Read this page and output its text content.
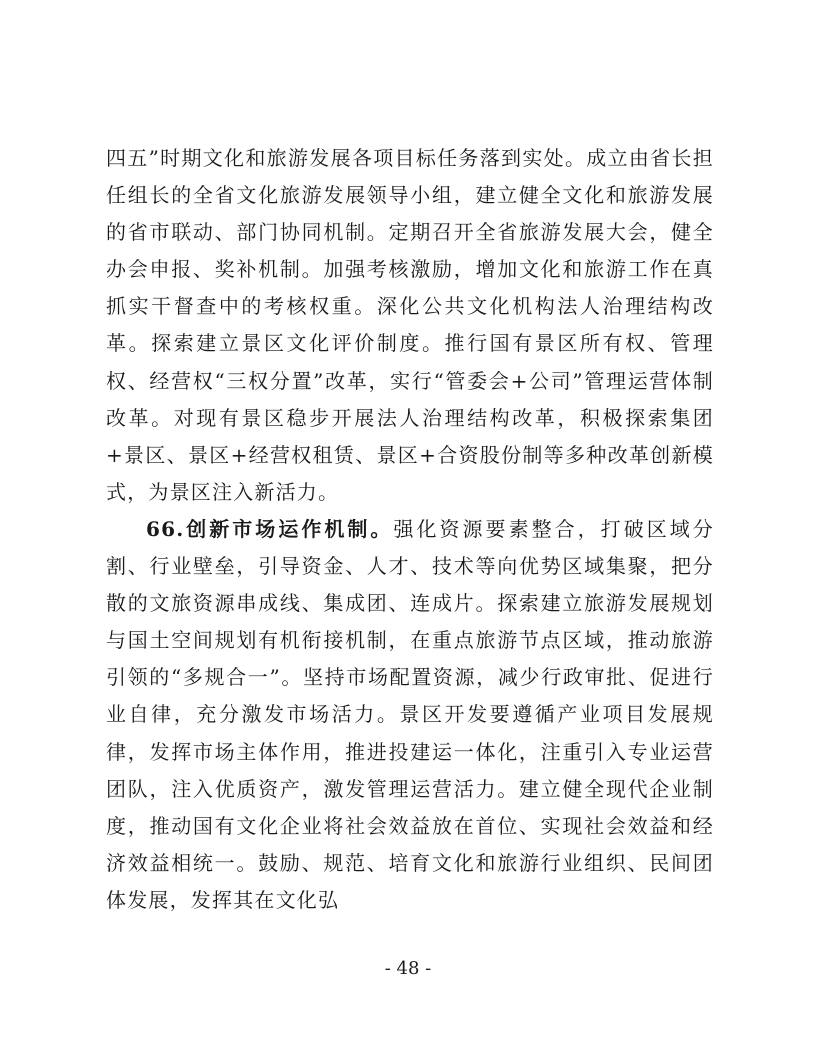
四五”时期文化和旅游发展各项目标任务落到实处。成立由省长担任组长的全省文化旅游发展领导小组，建立健全文化和旅游发展的省市联动、部门协同机制。定期召开全省旅游发展大会，健全办会申报、奖补机制。加强考核激励，增加文化和旅游工作在真抓实干督查中的考核权重。深化公共文化机构法人治理结构改革。探索建立景区文化评价制度。推行国有景区所有权、管理权、经营权“三权分置”改革，实行“管委会+公司”管理运营体制改革。对现有景区稳步开展法人治理结构改革，积极探索集团+景区、景区+经营权租赁、景区+合资股份制等多种改革创新模式，为景区注入新活力。

66.创新市场运作机制。强化资源要素整合，打破区域分割、行业壁垒，引导资金、人才、技术等向优势区域集聚，把分散的文旅资源串成线、集成团、连成片。探索建立旅游发展规划与国土空间规划有机衔接机制，在重点旅游节点区域，推动旅游引领的“多规合一”。坚持市场配置资源，减少行政审批、促进行业自律，充分激发市场活力。景区开发要遵循产业项目发展规律，发挥市场主体作用，推进投建运一体化，注重引入专业运营团队，注入优质资产，激发管理运营活力。建立健全现代企业制度，推动国有文化企业将社会效益放在首位、实现社会效益和经济效益相统一。鼓励、规范、培育文化和旅游行业组织、民间团体发展，发挥其在文化弘

- 48 -
